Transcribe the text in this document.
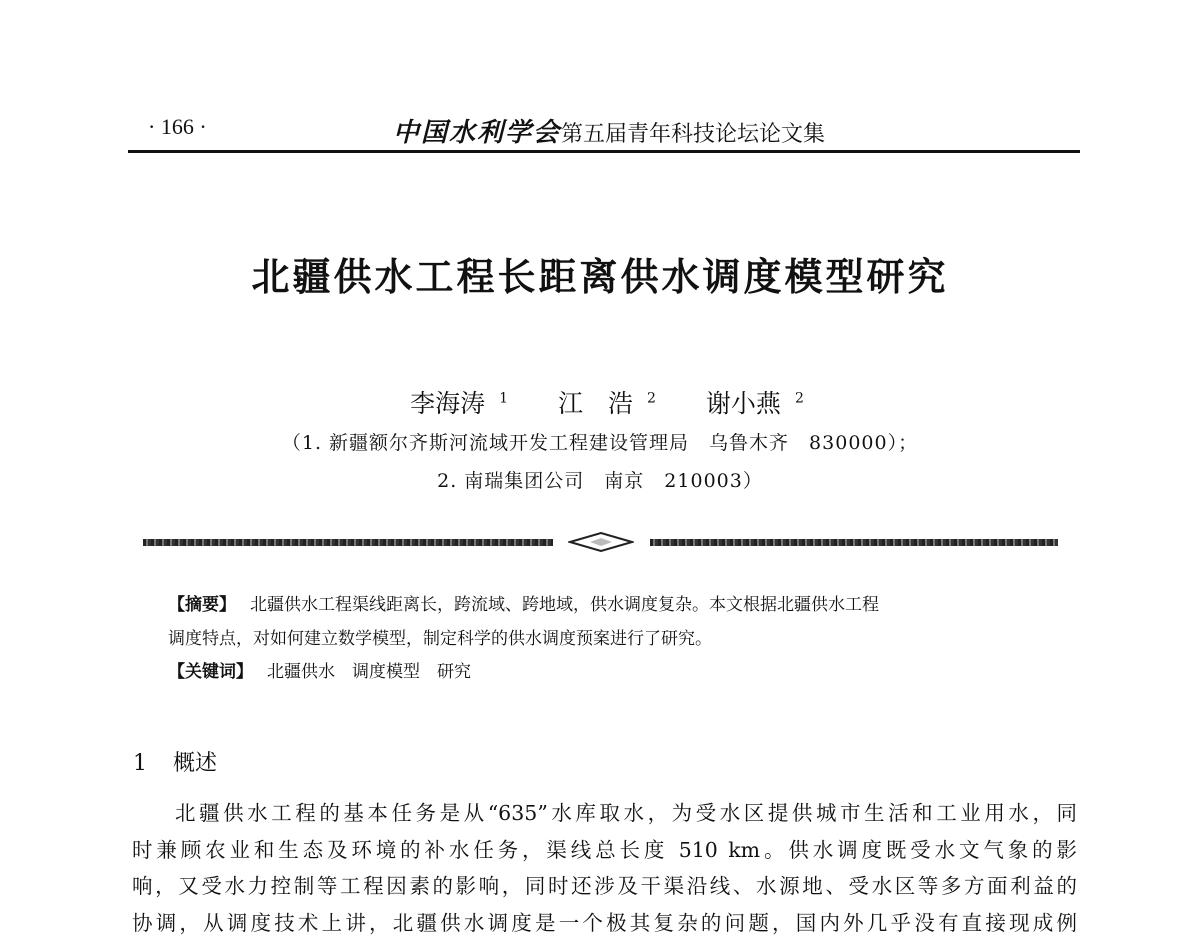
· 166 ·	中国水利学会第五届青年科技论坛论文集
北疆供水工程长距离供水调度模型研究
李海涛 $^1$ 江　浩 $^2$ 谢小燕 $^2$
（1. 新疆额尔齐斯河流域开发工程建设管理局　乌鲁木齐　830000）；
2. 南瑞集团公司　南京　210003）
【摘要】 北疆供水工程渠线距离长，跨流域、跨地域，供水调度复杂。本文根据北疆供水工程
调度特点，对如何建立数学模型，制定科学的供水调度预案进行了研究。
【关键词】 北疆供水　调度模型　研究
1 概述
北疆供水工程的基本任务是从“635”水库取水，为受水区提供城市生活和工业用水，同
时兼顾农业和生态及环境的补水任务，渠线总长度 510 km。供水调度既受水文气象的影
响，又受水力控制等工程因素的影响，同时还涉及干渠沿线、水源地、受水区等多方面利益的
协调，从调度技术上讲，北疆供水调度是一个极其复杂的问题，国内外几乎没有直接现成例
